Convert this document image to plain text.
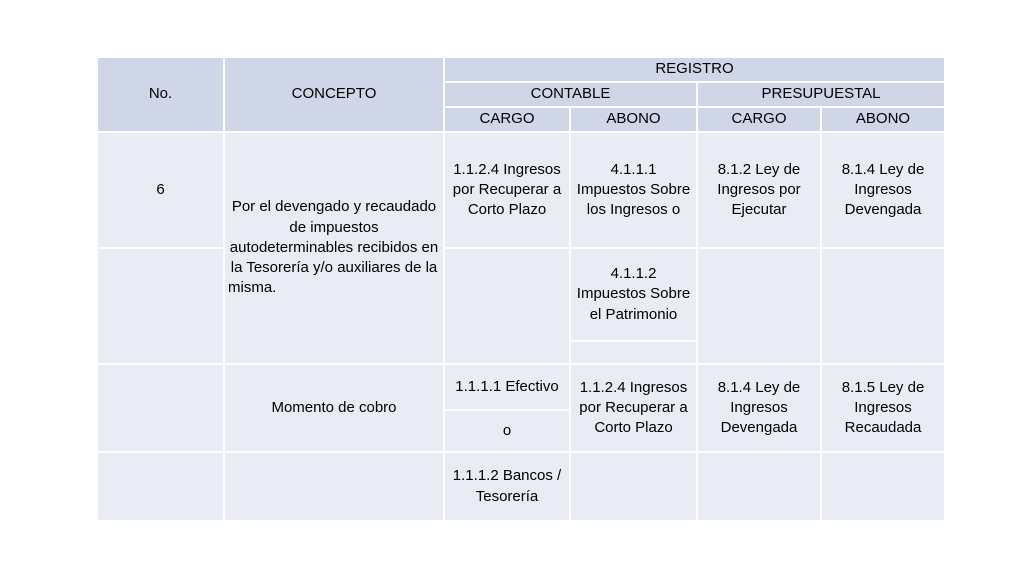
No.	CONCEPTO	REGISTRO			
		CONTABLE		PRESUPUESTAL	
		CARGO	ABONO	CARGO	ABONO
6	Por el devengado y recaudado de impuestos autodeterminables recibidos en la Tesorería y/o auxiliares de la misma.	1.1.2.4 Ingresos por Recuperar a Corto Plazo	4.1.1.1 Impuestos Sobre los Ingresos o	8.1.2 Ley de Ingresos por Ejecutar	8.1.4 Ley de Ingresos Devengada
			4.1.1.2 Impuestos Sobre el Patrimonio		

	Momento de cobro	1.1.1.1 Efectivo	1.1.2.4 Ingresos por Recuperar a Corto Plazo	8.1.4 Ley de Ingresos Devengada	8.1.5 Ley de Ingresos Recaudada
		o			
		1.1.1.2 Bancos / Tesorería			
